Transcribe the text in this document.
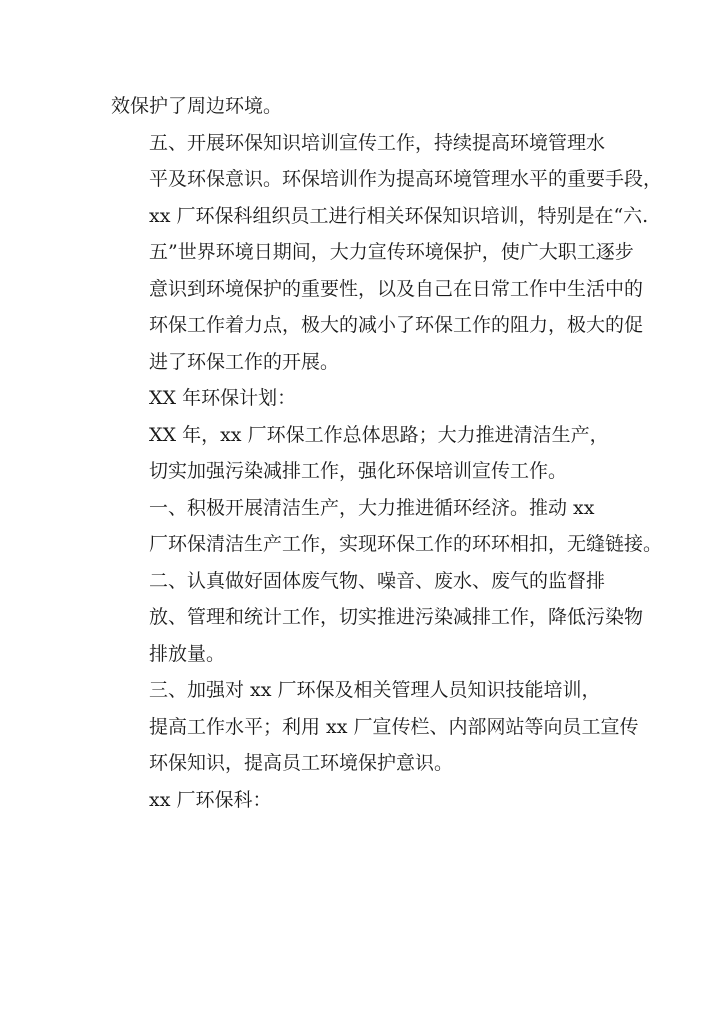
效保护了周边环境。

五、开展环保知识培训宣传工作，持续提高环境管理水
平及环保意识。环保培训作为提高环境管理水平的重要手段，
xx 厂环保科组织员工进行相关环保知识培训，特别是在“六.
五”世界环境日期间，大力宣传环境保护，使广大职工逐步
意识到环境保护的重要性，以及自己在日常工作中生活中的
环保工作着力点，极大的减小了环保工作的阻力，极大的促
进了环保工作的开展。

XX 年环保计划：

XX 年，xx 厂环保工作总体思路；大力推进清洁生产，
切实加强污染减排工作，强化环保培训宣传工作。

一、积极开展清洁生产，大力推进循环经济。推动 xx
厂环保清洁生产工作，实现环保工作的环环相扣，无缝链接。

二、认真做好固体废气物、噪音、废水、废气的监督排
放、管理和统计工作，切实推进污染减排工作，降低污染物
排放量。

三、加强对 xx 厂环保及相关管理人员知识技能培训，
提高工作水平；利用 xx 厂宣传栏、内部网站等向员工宣传
环保知识，提高员工环境保护意识。

xx 厂环保科：
